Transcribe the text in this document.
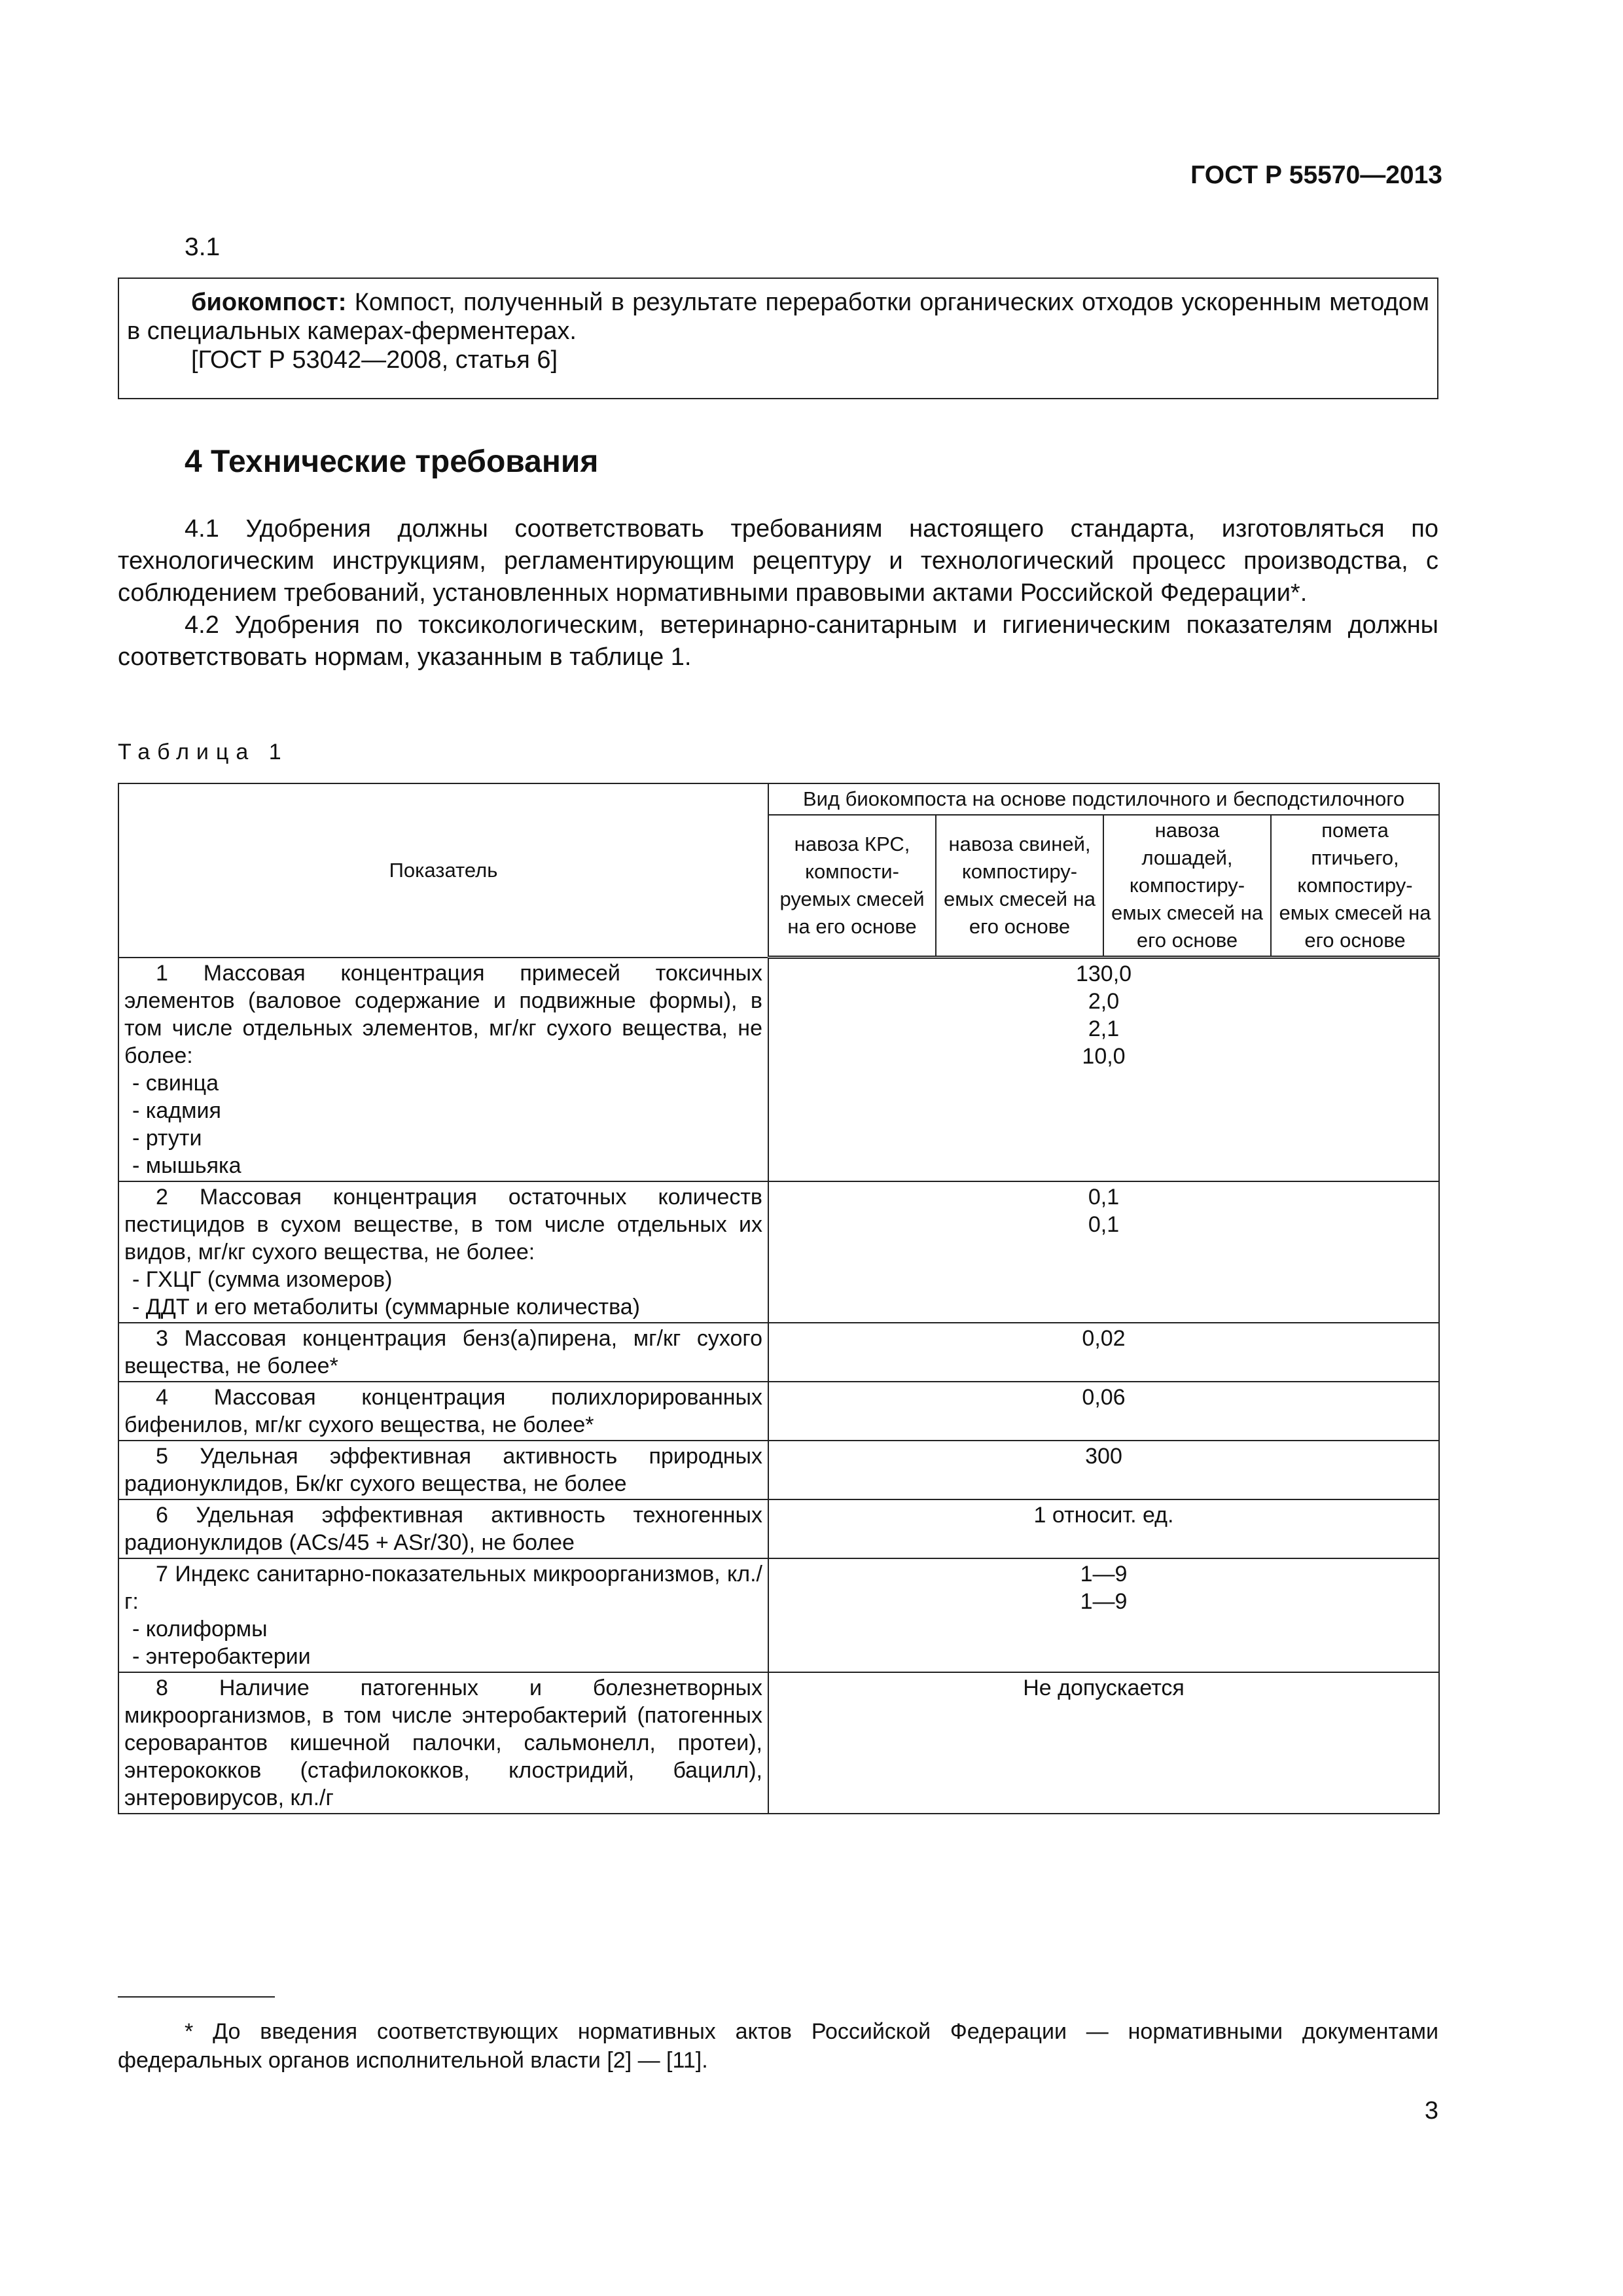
ГОСТ Р 55570—2013
3.1

биокомпост: Компост, полученный в результате переработки органических отходов ускоренным методом в специальных камерах-ферментерах.

[ГОСТ Р 53042—2008, статья 6]

4 Технические требования

4.1 Удобрения должны соответствовать требованиям настоящего стандарта, изготовляться по технологическим инструкциям, регламентирующим рецептуру и технологический процесс производства, с соблюдением требований, установленных нормативными правовыми актами Российской Федерации*.

4.2 Удобрения по токсикологическим, ветеринарно-санитарным и гигиеническим показателям должны соответствовать нормам, указанным в таблице 1.

Таблица 1
Показатель	Вид биокомпоста на основе подстилочного и бесподстилочного			
	навоза КРС, компости-руемых смесей на его основе	навоза свиней, компостиру-емых смесей на его основе	навоза лошадей, компостиру-емых смесей на его основе	помета птичьего, компостиру-емых смесей на его основе

1 Массовая концентрация примесей токсичных элементов (валовое содержание и подвижные формы), в том числе отдельных элементов, мг/кг сухого вещества, не более:
- свинца
- кадмия
- ртути
- мышьяка	130,0
2,0
2,1
10,0			

2 Массовая концентрация остаточных количеств пестицидов в сухом веществе, в том числе отдельных их видов, мг/кг сухого вещества, не более:
- ГХЦГ (сумма изомеров)
- ДДТ и его метаболиты (суммарные количества)	0,1
0,1			

3 Массовая концентрация бенз(а)пирена, мг/кг сухого вещества, не более*	0,02			

4 Массовая концентрация полихлорированных бифенилов, мг/кг сухого вещества, не более*	0,06			

5 Удельная эффективная активность природных радионуклидов, Бк/кг сухого вещества, не более	300			

6 Удельная эффективная активность техногенных радионуклидов (ACs/45 + ASr/30), не более	1 относит. ед.			

7 Индекс санитарно-показательных микроорганизмов, кл./г:
- колиформы
- энтеробактерии	1—9
1—9			

8 Наличие патогенных и болезнетворных микроорганизмов, в том числе энтеробактерий (патогенных сероварантов кишечной палочки, сальмонелл, протеи), энтерококков (стафилококков, клостридий, бацилл), энтеровирусов, кл./г	Не допускается			

* До введения соответствующих нормативных актов Российской Федерации — нормативными документами федеральных органов исполнительной власти [2] — [11].

3
